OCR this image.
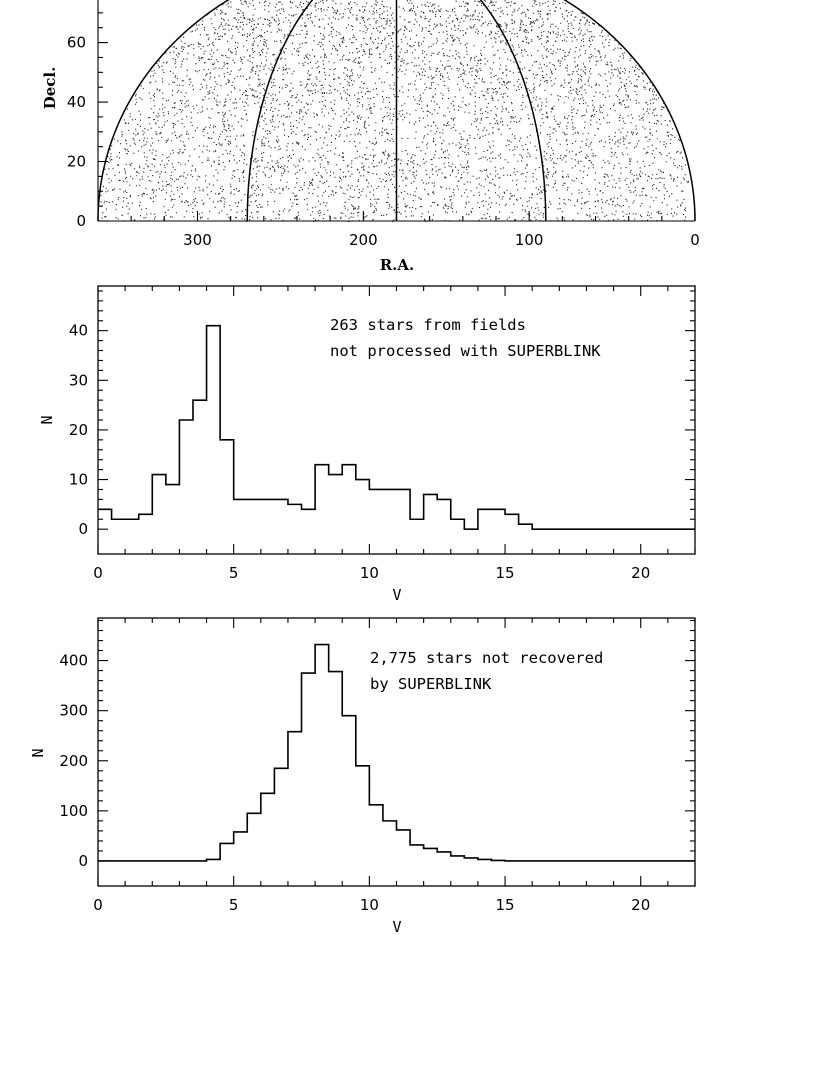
300	200	100	0
0
20
40
60
R.A.
Decl.
0	5	10	15	20
0
10
20
30
40	263 stars from fields
not processed with SUPERBLINK
V
N
0	5	10	15	20
0
100
200
300
400	2,775 stars not recovered
by SUPERBLINK
V
N
